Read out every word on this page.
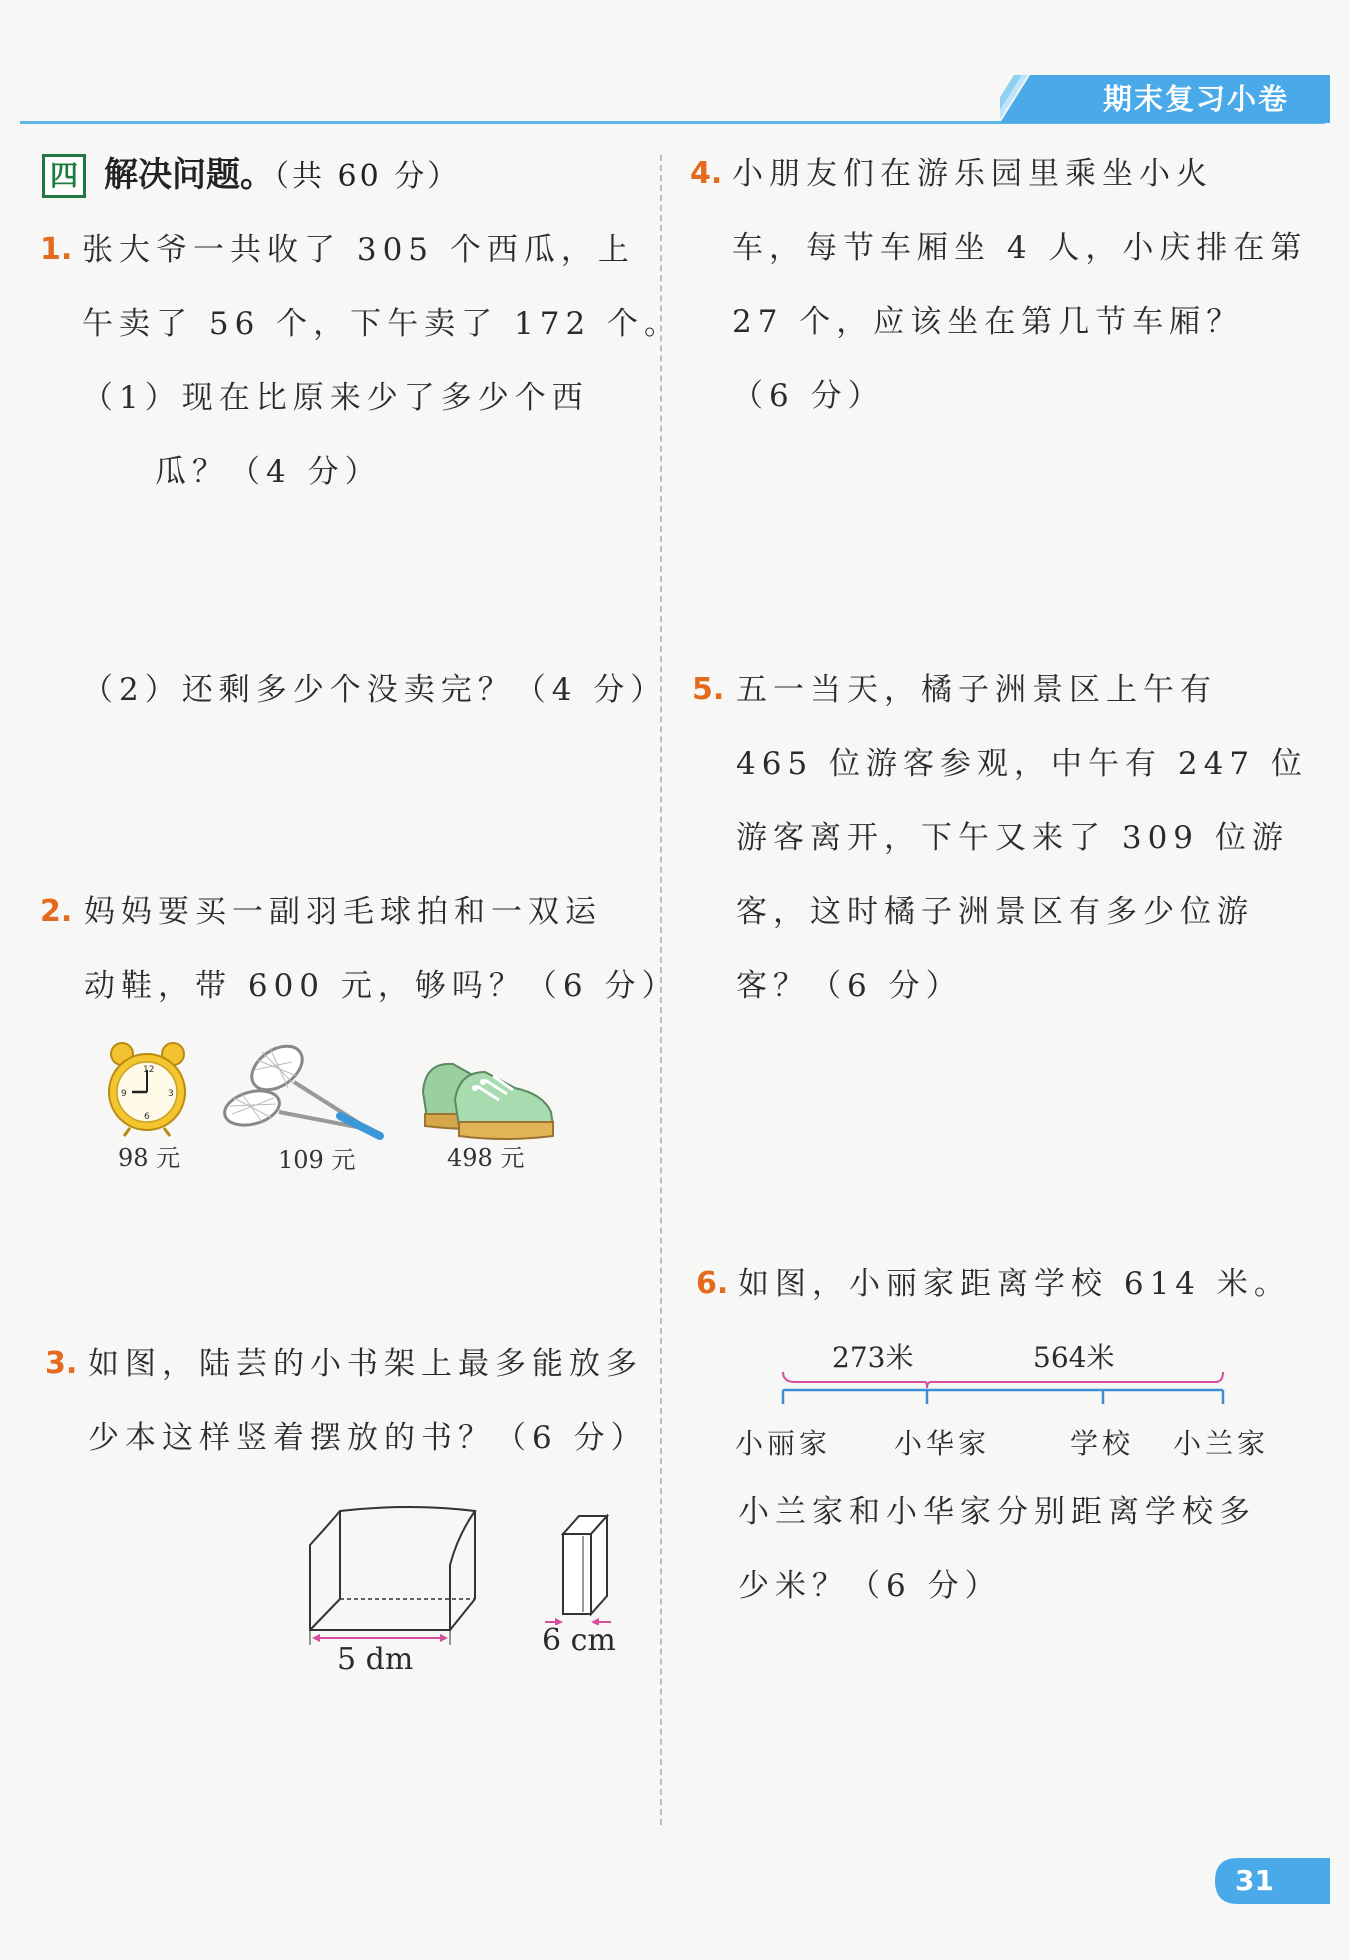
期末复习小卷
四 解决问题。（共 60 分）
1. 张大爷一共收了 305 个西瓜，上
午卖了 56 个，下午卖了 172 个。
（1）现在比原来少了多少个西
瓜？（4 分）
（2）还剩多少个没卖完？（4 分）
2. 妈妈要买一副羽毛球拍和一双运
动鞋，带 600 元，够吗？（6 分）
12
3
6
9
98 元	109 元	498 元
3. 如图，陆芸的小书架上最多能放多
少本这样竖着摆放的书？（6 分）
5 dm
6 cm
4. 小朋友们在游乐园里乘坐小火
车，每节车厢坐 4 人，小庆排在第
27 个，应该坐在第几节车厢？
（6 分）
5. 五一当天，橘子洲景区上午有
465 位游客参观，中午有 247 位
游客离开，下午又来了 309 位游
客，这时橘子洲景区有多少位游
客？（6 分）
6. 如图，小丽家距离学校 614 米。
273米	564米
小丽家 小华家	学校 小兰家
小兰家和小华家分别距离学校多
少米？（6 分）
31
